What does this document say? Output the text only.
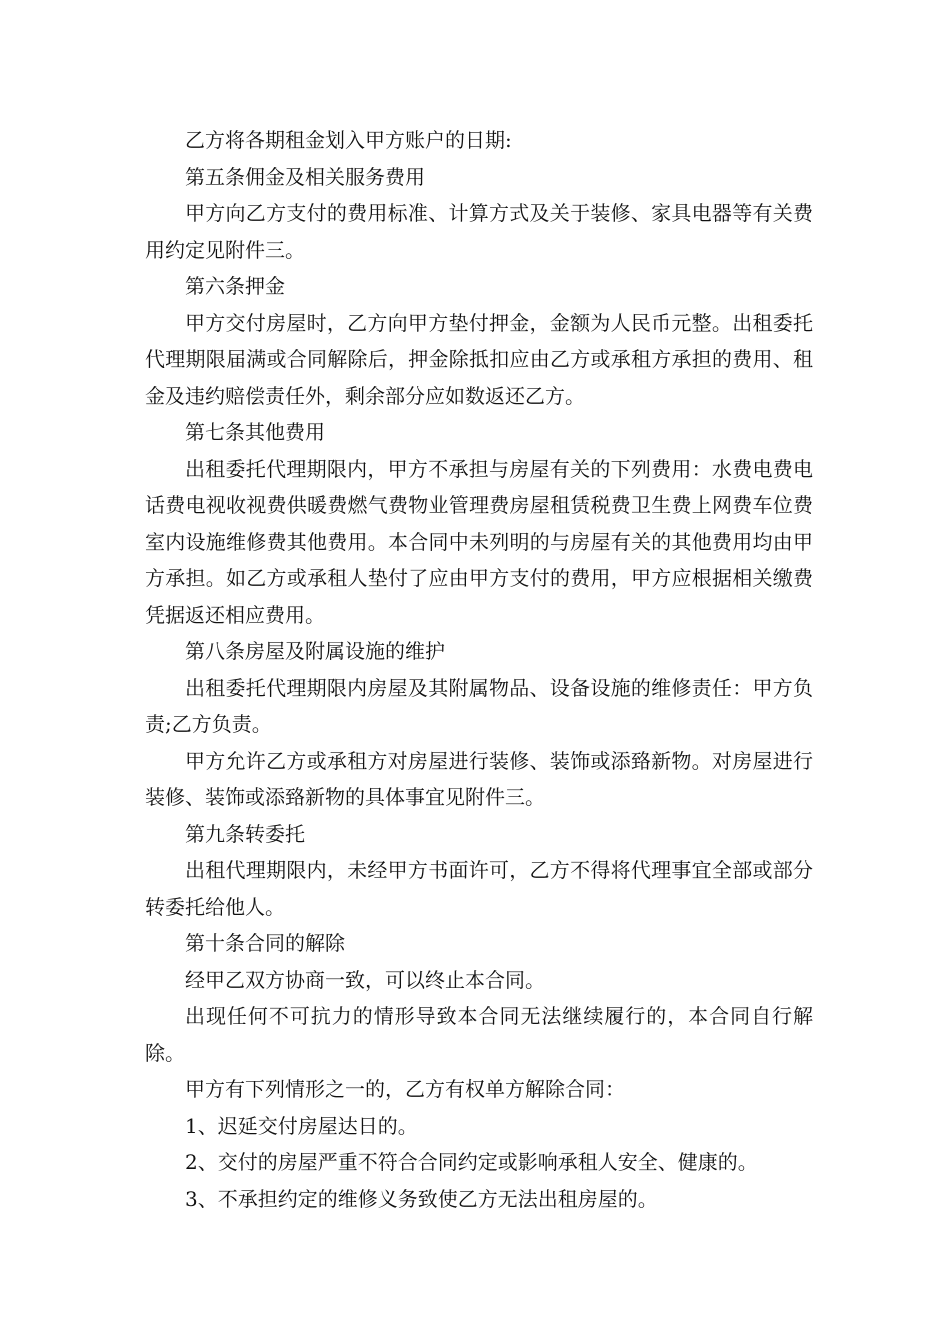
乙方将各期租金划入甲方账户的日期:

第五条佣金及相关服务费用

甲方向乙方支付的费用标准、计算方式及关于装修、家具电器等有关费用约定见附件三。

第六条押金

甲方交付房屋时，乙方向甲方垫付押金，金额为人民币元整。出租委托代理期限届满或合同解除后，押金除抵扣应由乙方或承租方承担的费用、租金及违约赔偿责任外，剩余部分应如数返还乙方。

第七条其他费用

出租委托代理期限内，甲方不承担与房屋有关的下列费用：水费电费电话费电视收视费供暖费燃气费物业管理费房屋租赁税费卫生费上网费车位费室内设施维修费其他费用。本合同中未列明的与房屋有关的其他费用均由甲方承担。如乙方或承租人垫付了应由甲方支付的费用，甲方应根据相关缴费凭据返还相应费用。

第八条房屋及附属设施的维护

出租委托代理期限内房屋及其附属物品、设备设施的维修责任：甲方负责;乙方负责。

甲方允许乙方或承租方对房屋进行装修、装饰或添臵新物。对房屋进行装修、装饰或添臵新物的具体事宜见附件三。

第九条转委托

出租代理期限内，未经甲方书面许可，乙方不得将代理事宜全部或部分转委托给他人。

第十条合同的解除

经甲乙双方协商一致，可以终止本合同。

出现任何不可抗力的情形导致本合同无法继续履行的，本合同自行解除。

甲方有下列情形之一的，乙方有权单方解除合同：

1、迟延交付房屋达日的。

2、交付的房屋严重不符合合同约定或影响承租人安全、健康的。

3、不承担约定的维修义务致使乙方无法出租房屋的。
